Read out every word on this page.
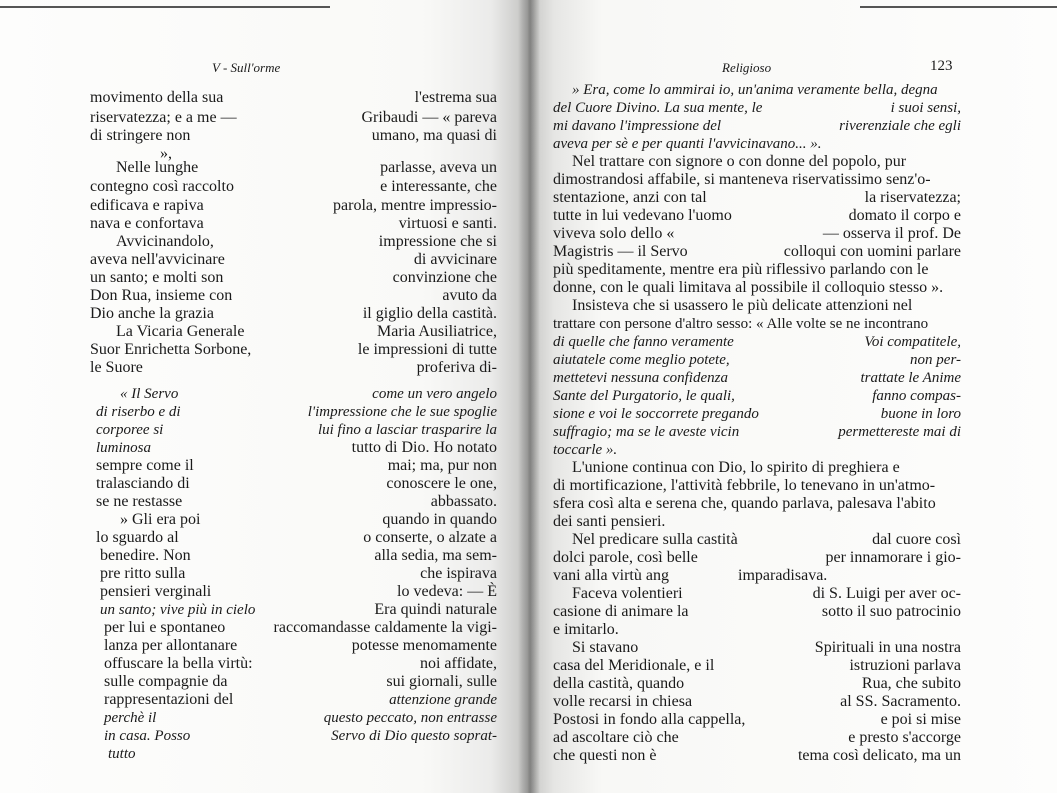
V - Sull'orme	Religioso	123
movimento della sua	l'estrema sua
riservatezza; e a me —	Gribaudi — « pareva
di stringere non	umano, ma quasi di
»,
Nelle lunghe	parlasse, aveva un
contegno così raccolto	e interessante, che
edificava e rapiva	parola, mentre impressio-
nava e confortava	virtuosi e santi.
Avvicinandolo,	impressione che si
aveva nell'avvicinare	di avvicinare
un santo; e molti son	convinzione che
Don Rua, insieme con	avuto da
Dio anche la grazia	il giglio della castità.
La Vicaria Generale	Maria Ausiliatrice,
Suor Enrichetta Sorbone,	le impressioni di tutte
le Suore	proferiva di-
« Il Servo	come un vero angelo
di riserbo e di	l'impressione che le sue spoglie
corporee si	lui fino a lasciar trasparire la
luminosa	tutto di Dio. Ho notato
sempre come il	mai; ma, pur non
tralasciando di	conoscere le one,
se ne restasse	abbassato.
» Gli era poi	quando in quando
lo sguardo al	o conserte, o alzate a
benedire. Non	alla sedia, ma sem-
pre ritto sulla	che ispirava
pensieri verginali	lo vedeva: — È
un santo; vive più in cielo	Era quindi naturale
per lui e spontaneo	raccomandasse caldamente la vigi-
lanza per allontanare	potesse menomamente
offuscare la bella virtù:	noi affidate,
sulle compagnie da	sui giornali, sulle
rappresentazioni del	attenzione grande
perchè il	questo peccato, non entrasse
in casa. Posso	Servo di Dio questo soprat-
tutto
» Era, come lo ammirai io, un'anima veramente bella, degna
del Cuore Divino. La sua mente, le	i suoi sensi,
mi davano l'impressione del	riverenziale che egli
aveva per sè e per quanti l'avvicinavano... ».
Nel trattare con signore o con donne del popolo, pur
dimostrandosi affabile, si manteneva riservatissimo senz'o-
stentazione, anzi con tal	la riservatezza;
tutte in lui vedevano l'uomo	domato il corpo e
viveva solo dello «	— osserva il prof. De
Magistris — il Servo	colloqui con uomini parlare
più speditamente, mentre era più riflessivo parlando con le
donne, con le quali limitava al possibile il colloquio stesso ».
Insisteva che si usassero le più delicate attenzioni nel
trattare con persone d'altro sesso: « Alle volte se ne incontrano
di quelle che fanno veramente	Voi compatitele,
aiutatele come meglio potete,	non per-
mettetevi nessuna confidenza	trattate le Anime
Sante del Purgatorio, le quali,	fanno compas-
sione e voi le soccorrete pregando	buone in loro
suffragio; ma se le aveste vicin	permettereste mai di
toccarle ».
L'unione continua con Dio, lo spirito di preghiera e
di mortificazione, l'attività febbrile, lo tenevano in un'atmo-
sfera così alta e serena che, quando parlava, palesava l'abito
dei santi pensieri.
Nel predicare sulla castità	dal cuore così
dolci parole, così belle	per innamorare i gio-
vani alla virtù ang	imparadisava.
Faceva volentieri	di S. Luigi per aver oc-
casione di animare la	sotto il suo patrocinio
e imitarlo.
Si stavano	Spirituali in una nostra
casa del Meridionale, e il	istruzioni parlava
della castità, quando	Rua, che subito
volle recarsi in chiesa	al SS. Sacramento.
Postosi in fondo alla cappella,	e poi si mise
ad ascoltare ciò che	e presto s'accorge
che questi non è	tema così delicato, ma un
